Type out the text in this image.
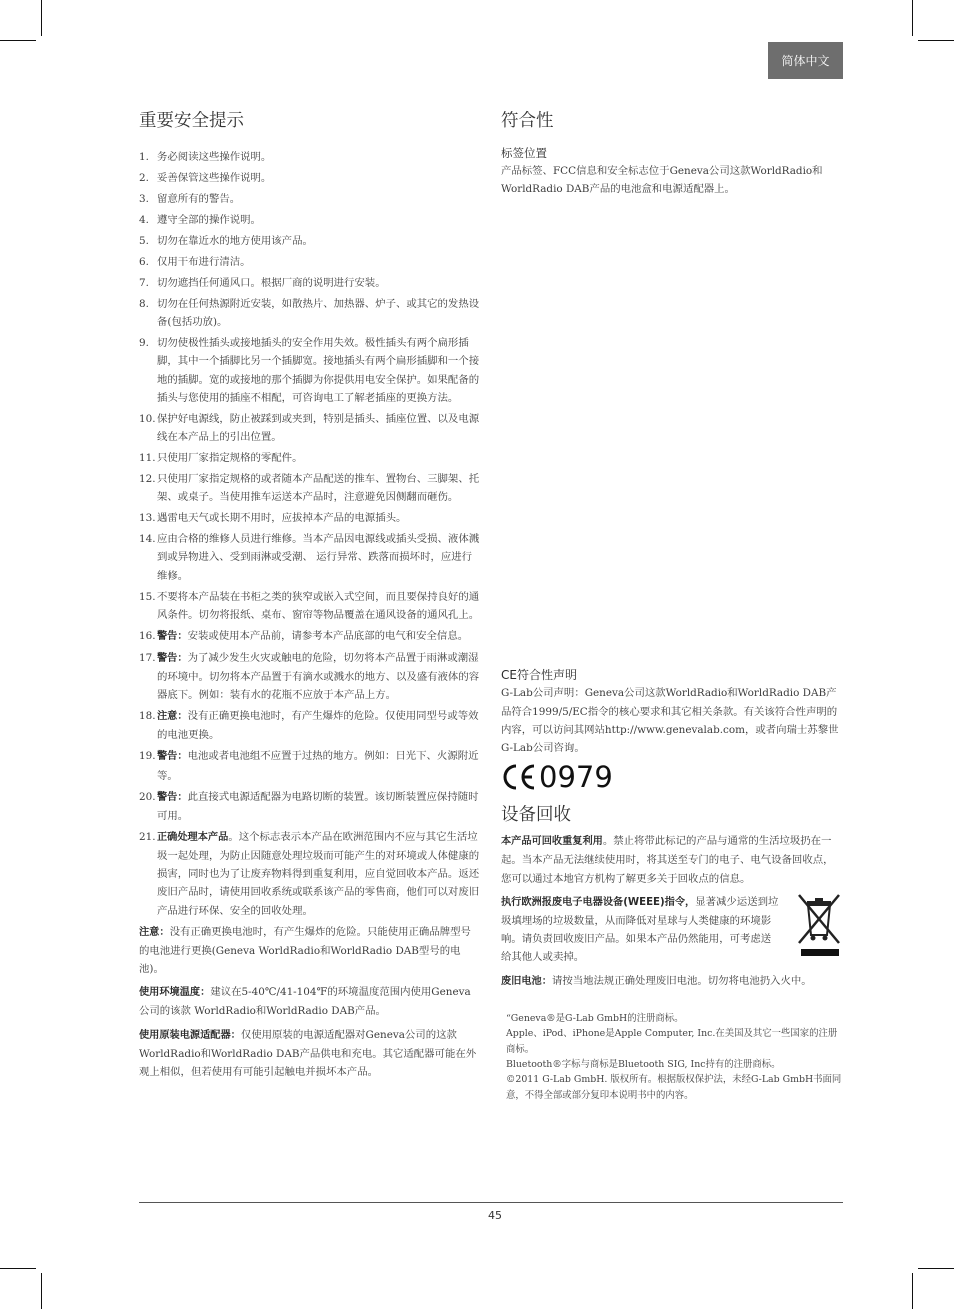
简体中文
重要安全提示
1. 务必阅读这些操作说明。
2. 妥善保管这些操作说明。
3. 留意所有的警告。
4. 遵守全部的操作说明。
5. 切勿在靠近水的地方使用该产品。
6. 仅用干布进行清洁。
7. 切勿遮挡任何通风口。根据厂商的说明进行安装。
8. 切勿在任何热源附近安装，如散热片、加热器、炉子、或其它的发热设备(包括功放)。
9. 切勿使极性插头或接地插头的安全作用失效。极性插头有两个扁形插脚，其中一个插脚比另一个插脚宽。接地插头有两个扁形插脚和一个接地的插脚。宽的或接地的那个插脚为你提供用电安全保护。如果配备的插头与您使用的插座不相配，可咨询电工了解老插座的更换方法。
10. 保护好电源线，防止被踩到或夹到，特别是插头、插座位置、以及电源线在本产品上的引出位置。
11. 只使用厂家指定规格的零配件。
12. 只使用厂家指定规格的或者随本产品配送的推车、置物台、三脚架、托架、或桌子。当使用推车运送本产品时，注意避免因侧翻而砸伤。
13. 遇雷电天气或长期不用时，应拔掉本产品的电源插头。
14. 应由合格的维修人员进行维修。当本产品因电源线或插头受损、液体溅到或异物进入、受到雨淋或受潮、 运行异常、跌落而损坏时，应进行维修。
15. 不要将本产品装在书柜之类的狭窄或嵌入式空间，而且要保持良好的通风条件。切勿将报纸、桌布、窗帘等物品覆盖在通风设备的通风孔上。
16. 警告：安装或使用本产品前，请参考本产品底部的电气和安全信息。
17. 警告：为了减少发生火灾或触电的危险，切勿将本产品置于雨淋或潮湿的环境中。切勿将本产品置于有滴水或溅水的地方、以及盛有液体的容器底下。例如：装有水的花瓶不应放于本产品上方。
18. 注意：没有正确更换电池时，有产生爆炸的危险。仅使用同型号或等效的电池更换。
19. 警告：电池或者电池组不应置于过热的地方。例如：日光下、火源附近等。
20. 警告：此直接式电源适配器为电路切断的装置。该切断装置应保持随时可用。
21. 正确处理本产品。这个标志表示本产品在欧洲范围内不应与其它生活垃圾一起处理，为防止因随意处理垃圾而可能产生的对环境或人体健康的损害，同时也为了让废弃物料得到重复利用，应自觉回收本产品。返还废旧产品时，请使用回收系统或联系该产品的零售商，他们可以对废旧产品进行环保、安全的回收处理。

注意：没有正确更换电池时，有产生爆炸的危险。只能使用正确品牌型号的电池进行更换(Geneva WorldRadio和WorldRadio DAB型号的电池)。

使用环境温度：建议在5-40℃/41-104℉的环境温度范围内使用Geneva公司的该款 WorldRadio和WorldRadio DAB产品。

使用原装电源适配器：仅使用原装的电源适配器对Geneva公司的这款 WorldRadio和WorldRadio DAB产品供电和充电。其它适配器可能在外观上相似，但若使用有可能引起触电并损坏本产品。

符合性
标签位置

产品标签、FCC信息和安全标志位于Geneva公司这款WorldRadio和WorldRadio DAB产品的电池盒和电源适配器上。

CE符合性声明

G-Lab公司声明：Geneva公司这款WorldRadio和WorldRadio DAB产品符合1999/5/EC指令的核心要求和其它相关条款。有关该符合性声明的内容，可以访问其网站http://www.genevalab.com，或者向瑞士苏黎世G-Lab公司咨询。

0979
设备回收

本产品可回收重复利用。禁止将带此标记的产品与通常的生活垃圾扔在一起。当本产品无法继续使用时，将其送至专门的电子、电气设备回收点，您可以通过本地官方机构了解更多关于回收点的信息。

执行欧洲报废电子电器设备(WEEE)指令，显著减少运送到垃圾填埋场的垃圾数量，从而降低对星球与人类健康的环境影响。请负责回收废旧产品。如果本产品仍然能用，可考虑送给其他人或卖掉。

废旧电池：请按当地法规正确处理废旧电池。切勿将电池扔入火中。

“Geneva®是G-Lab GmbH的注册商标。

Apple、iPod、iPhone是Apple Computer, Inc.在美国及其它一些国家的注册商标。

Bluetooth®字标与商标是Bluetooth SIG, Inc持有的注册商标。

©2011 G-Lab GmbH. 版权所有。根据版权保护法，未经G-Lab GmbH书面同意，不得全部或部分复印本说明书中的内容。

45
